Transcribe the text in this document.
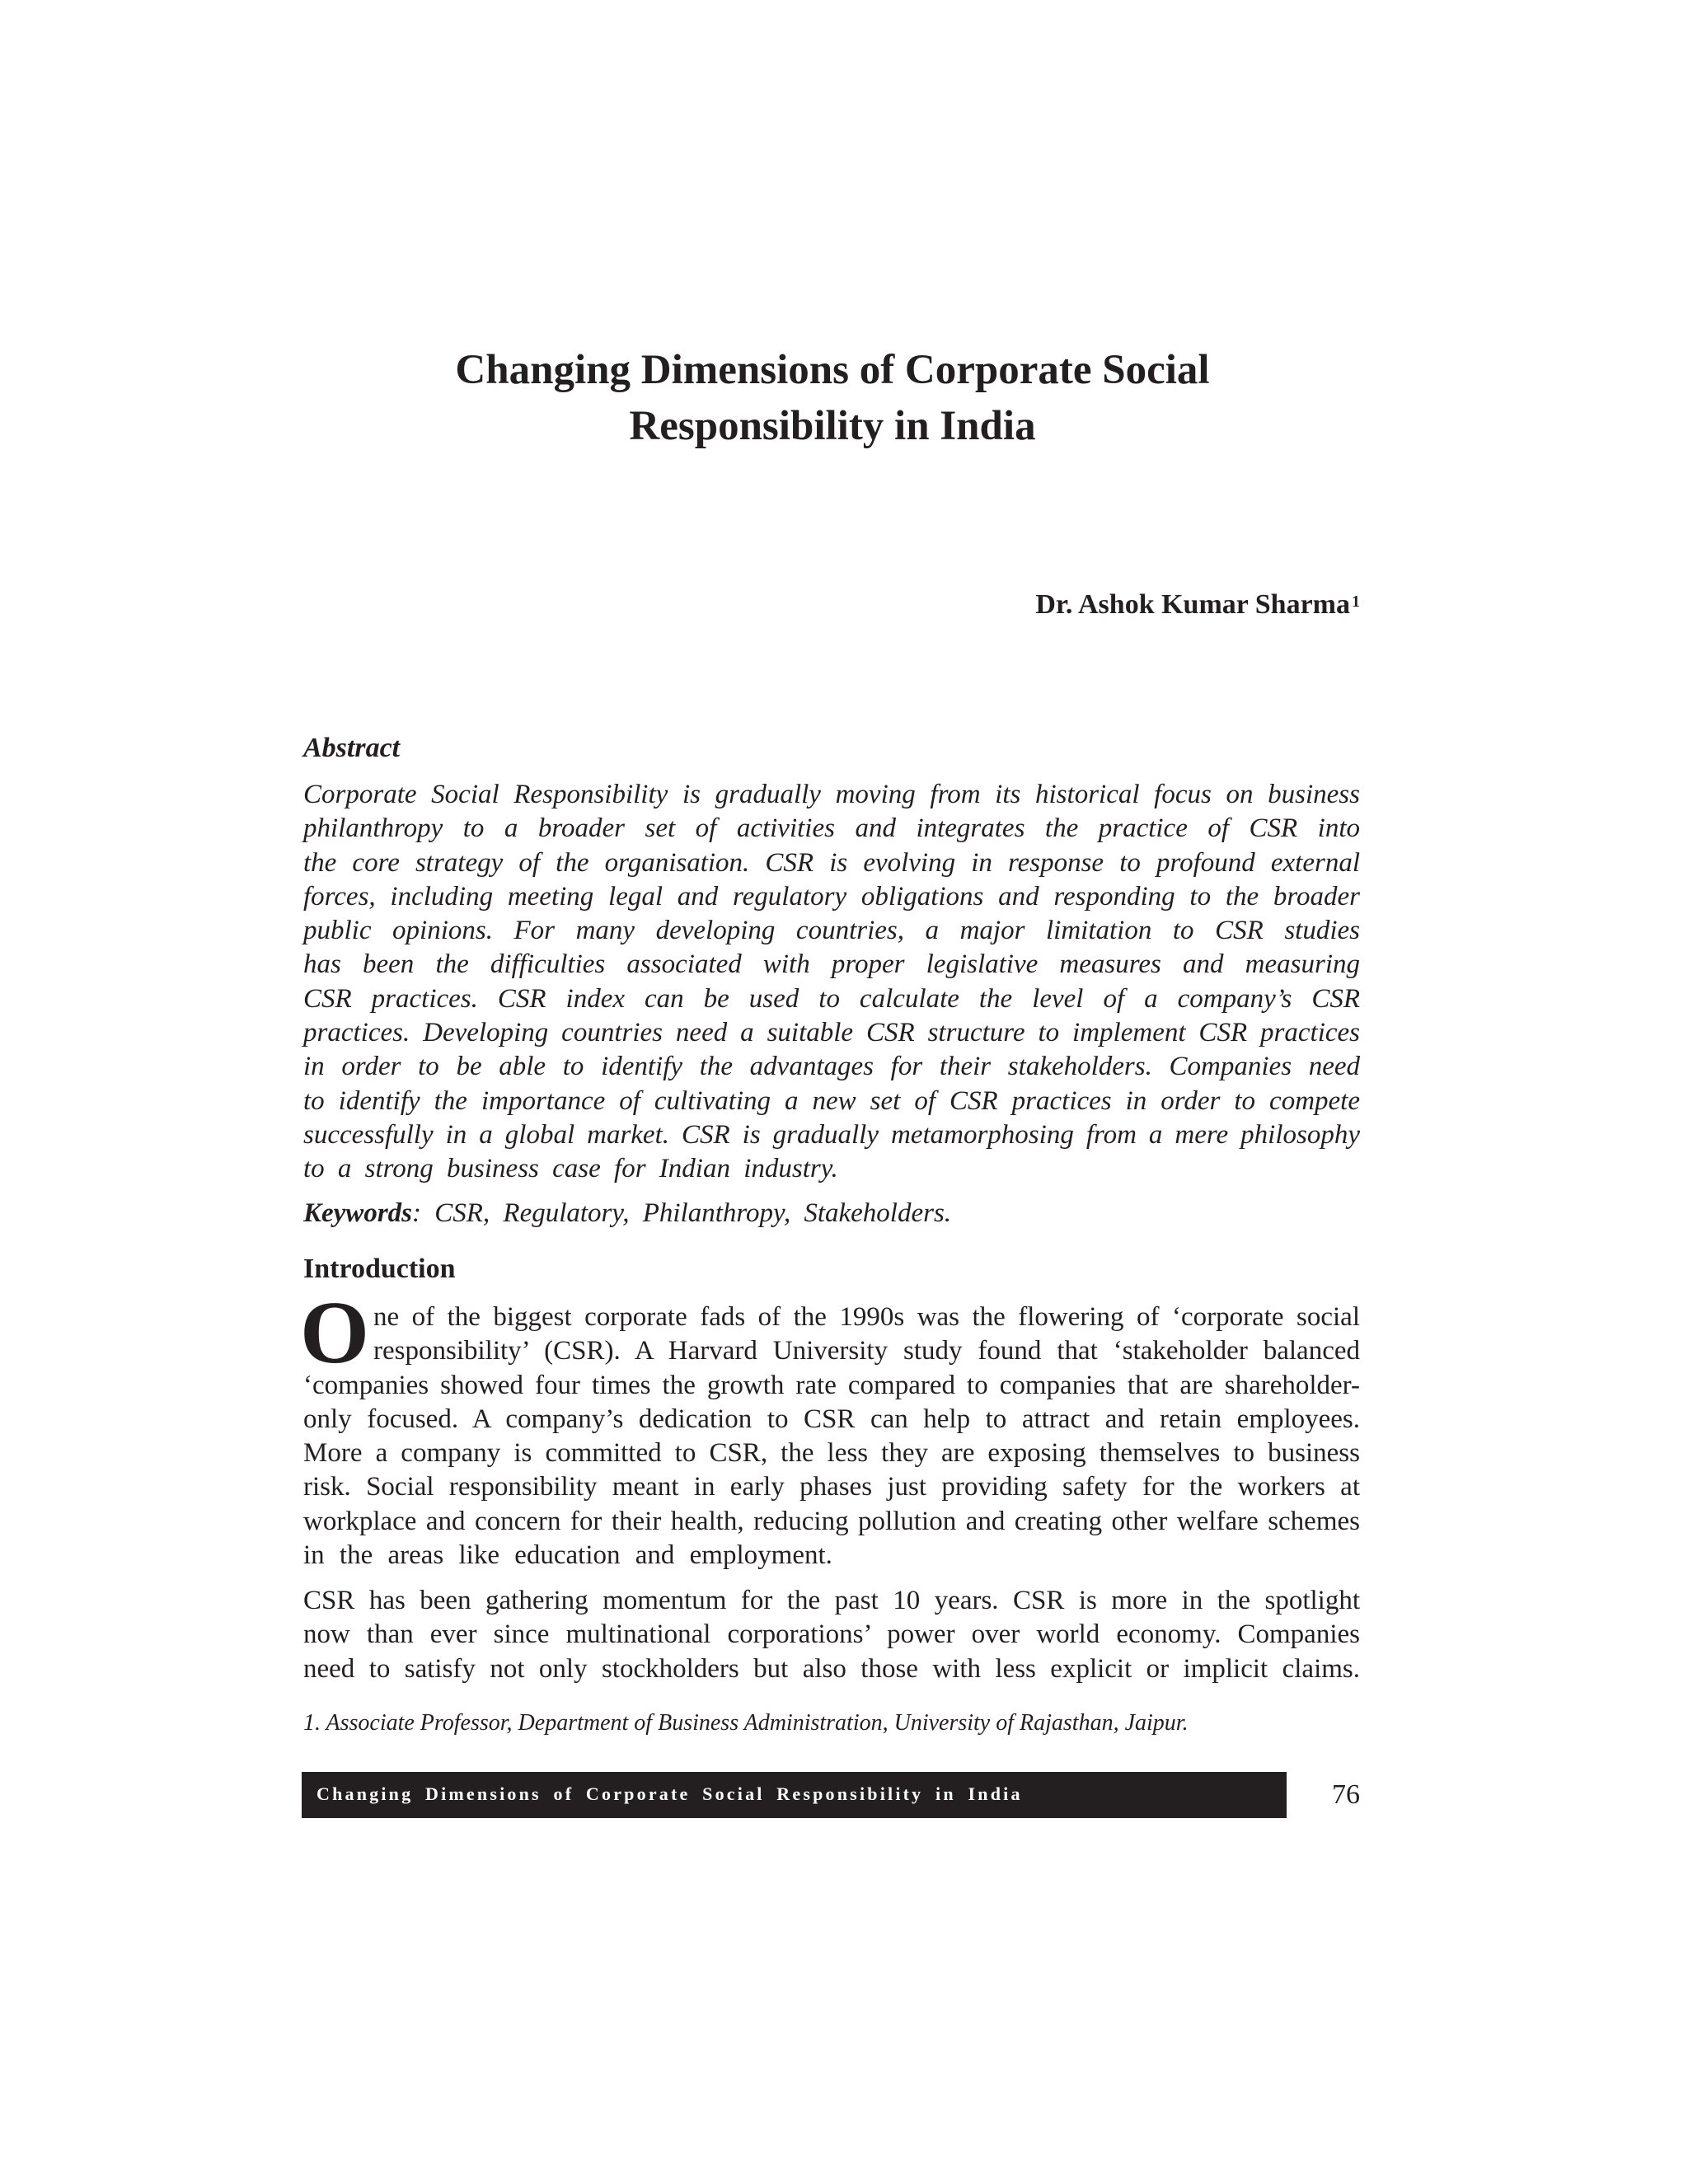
Changing Dimensions of Corporate Social
Responsibility in India
Dr. Ashok Kumar Sharma $^1$
Abstract

Corporate Social Responsibility is gradually moving from its historical focus on business
philanthropy to a broader set of activities and integrates the practice of CSR into
the core strategy of the organisation. CSR is evolving in response to profound external
forces, including meeting legal and regulatory obligations and responding to the broader
public opinions. For many developing countries, a major limitation to CSR studies
has been the difficulties associated with proper legislative measures and measuring
CSR practices. CSR index can be used to calculate the level of a company’s CSR
practices. Developing countries need a suitable CSR structure to implement CSR practices
in order to be able to identify the advantages for their stakeholders. Companies need
to identify the importance of cultivating a new set of CSR practices in order to compete
successfully in a global market. CSR is gradually metamorphosing from a mere philosophy
to a strong business case for Indian industry.

Keywords: CSR, Regulatory, Philanthropy, Stakeholders.

Introduction
O ne of the biggest corporate fads of the 1990s was the flowering of ‘corporate social
responsibility’ (CSR). A Harvard University study found that ‘stakeholder balanced
‘companies showed four times the growth rate compared to companies that are shareholder-
only focused. A company’s dedication to CSR can help to attract and retain employees.
More a company is committed to CSR, the less they are exposing themselves to business
risk. Social responsibility meant in early phases just providing safety for the workers at
workplace and concern for their health, reducing pollution and creating other welfare schemes
in the areas like education and employment.

CSR has been gathering momentum for the past 10 years. CSR is more in the spotlight
now than ever since multinational corporations’ power over world economy. Companies
need to satisfy not only stockholders but also those with less explicit or implicit claims.

1. Associate Professor, Department of Business Administration, University of Rajasthan, Jaipur.

Changing Dimensions of Corporate Social Responsibility in India	76
